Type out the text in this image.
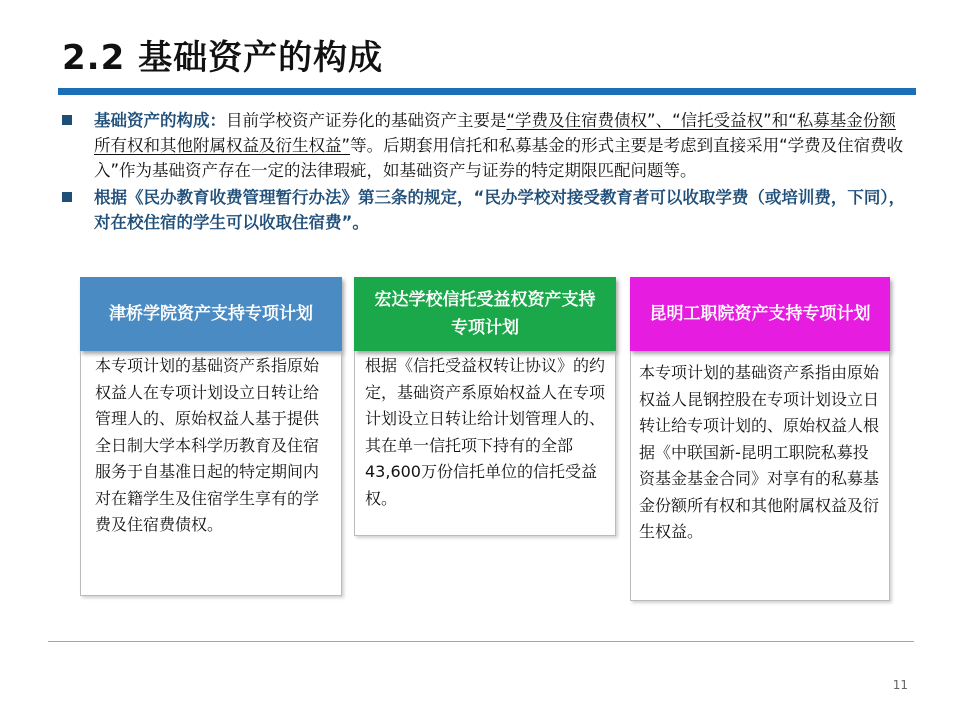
2.2 基础资产的构成
基础资产的构成：目前学校资产证券化的基础资产主要是“学费及住宿费债权”、“信托受益权”和“私募基金份额所有权和其他附属权益及衍生权益”等。后期套用信托和私募基金的形式主要是考虑到直接采用“学费及住宿费收入”作为基础资产存在一定的法律瑕疵，如基础资产与证券的特定期限匹配问题等。
根据《民办教育收费管理暂行办法》第三条的规定，“民办学校对接受教育者可以收取学费（或培训费，下同），对在校住宿的学生可以收取住宿费”。
津桥学院资产支持专项计划
本专项计划的基础资产系指原始权益人在专项计划设立日转让给管理人的、原始权益人基于提供全日制大学本科学历教育及住宿服务于自基准日起的特定期间内对在籍学生及住宿学生享有的学费及住宿费债权。
宏达学校信托受益权资产支持专项计划
根据《信托受益权转让协议》的约定，基础资产系原始权益人在专项计划设立日转让给计划管理人的、其在单一信托项下持有的全部43,600万份信托单位的信托受益权。
昆明工职院资产支持专项计划
本专项计划的基础资产系指由原始权益人昆钢控股在专项计划设立日转让给专项计划的、原始权益人根据《中联国新-昆明工职院私募投资基金基金合同》对享有的私募基金份额所有权和其他附属权益及衍生权益。
11
